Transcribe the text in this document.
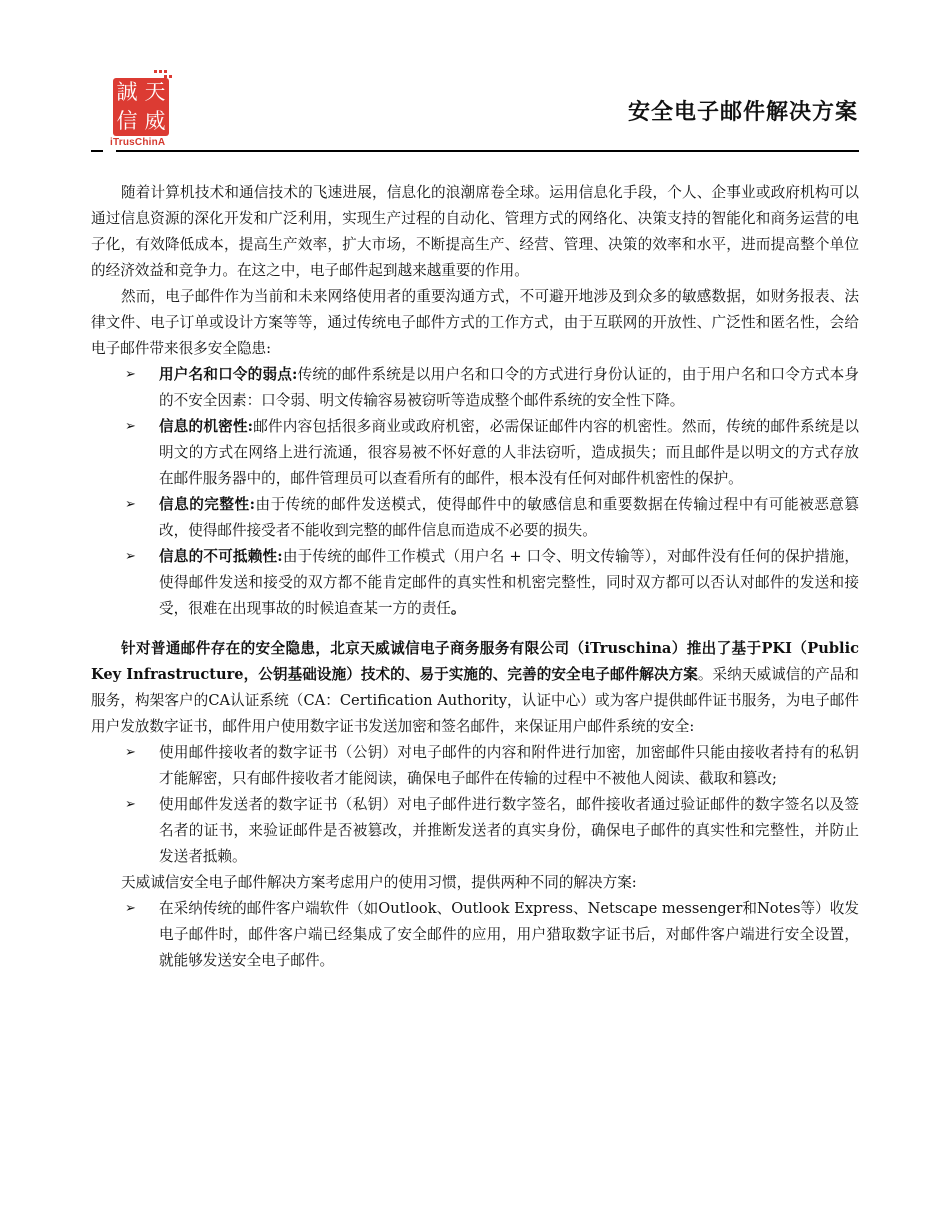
誠 天
信 威
iTrusChinA
安全电子邮件解决方案

随着计算机技术和通信技术的飞速进展，信息化的浪潮席卷全球。运用信息化手段，个人、企事业或政府机构可以通过信息资源的深化开发和广泛利用，实现生产过程的自动化、管理方式的网络化、决策支持的智能化和商务运营的电子化，有效降低成本，提高生产效率，扩大市场，不断提高生产、经营、管理、决策的效率和水平，进而提高整个单位的经济效益和竞争力。在这之中，电子邮件起到越来越重要的作用。

然而，电子邮件作为当前和未来网络使用者的重要沟通方式，不可避开地涉及到众多的敏感数据，如财务报表、法律文件、电子订单或设计方案等等，通过传统电子邮件方式的工作方式，由于互联网的开放性、广泛性和匿名性，会给电子邮件带来很多安全隐患:

➢ 用户名和口令的弱点:传统的邮件系统是以用户名和口令的方式进行身份认证的，由于用户名和口令方式本身的不安全因素：口令弱、明文传输容易被窃听等造成整个邮件系统的安全性下降。
➢ 信息的机密性:邮件内容包括很多商业或政府机密，必需保证邮件内容的机密性。然而，传统的邮件系统是以明文的方式在网络上进行流通，很容易被不怀好意的人非法窃听，造成损失；而且邮件是以明文的方式存放在邮件服务器中的，邮件管理员可以查看所有的邮件，根本没有任何对邮件机密性的保护。
➢ 信息的完整性:由于传统的邮件发送模式，使得邮件中的敏感信息和重要数据在传输过程中有可能被恶意篡改，使得邮件接受者不能收到完整的邮件信息而造成不必要的损失。
➢ 信息的不可抵赖性:由于传统的邮件工作模式（用户名 + 口令、明文传输等），对邮件没有任何的保护措施，使得邮件发送和接受的双方都不能肯定邮件的真实性和机密完整性，同时双方都可以否认对邮件的发送和接受，很难在出现事故的时候追查某一方的责任。

针对普通邮件存在的安全隐患，北京天威诚信电子商务服务有限公司（iTruschina）推出了基于PKI（Public Key Infrastructure，公钥基础设施）技术的、易于实施的、完善的安全电子邮件解决方案。采纳天威诚信的产品和服务，构架客户的CA认证系统（CA：Certification Authority，认证中心）或为客户提供邮件证书服务，为电子邮件用户发放数字证书，邮件用户使用数字证书发送加密和签名邮件，来保证用户邮件系统的安全:

➢ 使用邮件接收者的数字证书（公钥）对电子邮件的内容和附件进行加密，加密邮件只能由接收者持有的私钥才能解密，只有邮件接收者才能阅读，确保电子邮件在传输的过程中不被他人阅读、截取和篡改;
➢ 使用邮件发送者的数字证书（私钥）对电子邮件进行数字签名，邮件接收者通过验证邮件的数字签名以及签名者的证书，来验证邮件是否被篡改，并推断发送者的真实身份，确保电子邮件的真实性和完整性，并防止发送者抵赖。

天威诚信安全电子邮件解决方案考虑用户的使用习惯，提供两种不同的解决方案:

➢ 在采纳传统的邮件客户端软件（如Outlook、Outlook Express、Netscape messenger和Notes等）收发电子邮件时，邮件客户端已经集成了安全邮件的应用，用户猎取数字证书后，对邮件客户端进行安全设置，就能够发送安全电子邮件。
